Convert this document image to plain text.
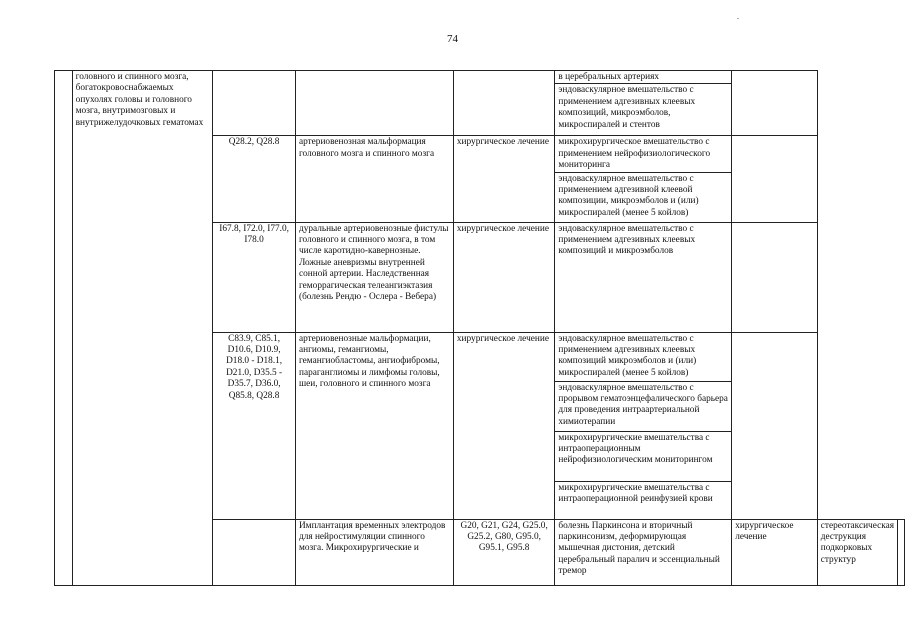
74
	головного и спинного мозга, богатокровоснабжаемых опухолях головы и головного мозга, внутримозговых и внутрижелудочковых гематомах				в церебральных артериях			
					эндоваскулярное вмешательство с применением адгезивных клеевых композиций, микроэмболов, микроспиралей и стентов			
		Q28.2, Q28.8	артериовенозная мальформация головного мозга и спинного мозга	хирургическое лечение	микрохирургическое вмешательство с применением нейрофизиологического мониторинга			
					эндоваскулярное вмешательство с применением адгезивной клеевой композиции, микроэмболов и (или) микроспиралей (менее 5 койлов)			
		I67.8, I72.0, I77.0, I78.0	дуральные артериовенозные фистулы головного и спинного мозга, в том числе каротидно-кавернозные. Ложные аневризмы внутренней сонной артерии. Наследственная геморрагическая телеангиэктазия (болезнь Рендю - Ослера - Вебера)	хирургическое лечение	эндоваскулярное вмешательство с применением адгезивных клеевых композиций и микроэмболов			
		C83.9, C85.1, D10.6, D10.9, D18.0 - D18.1, D21.0, D35.5 - D35.7, D36.0, Q85.8, Q28.8	артериовенозные мальформации, ангиомы, гемангиомы, гемангиобластомы, ангиофибромы, параганглиомы и лимфомы головы, шеи, головного и спинного мозга	хирургическое лечение	эндоваскулярное вмешательство с применением адгезивных клеевых композиций микроэмболов и (или) микроспиралей (менее 5 койлов)			
					эндоваскулярное вмешательство с прорывом гематоэнцефалического барьера для проведения интраартериальной химиотерапии			
					микрохирургические вмешательства с интраоперационным нейрофизиологическим мониторингом			
					микрохирургические вмешательства с интраоперационной реинфузией крови			
			Имплантация временных электродов для нейростимуляции спинного мозга. Микрохирургические и	G20, G21, G24, G25.0, G25.2, G80, G95.0, G95.1, G95.8	болезнь Паркинсона и вторичный паркинсонизм, деформирующая мышечная дистония, детский церебральный паралич и эссенциальный тремор	хирургическое лечение	стереотаксическая деструкция подкорковых структур	
